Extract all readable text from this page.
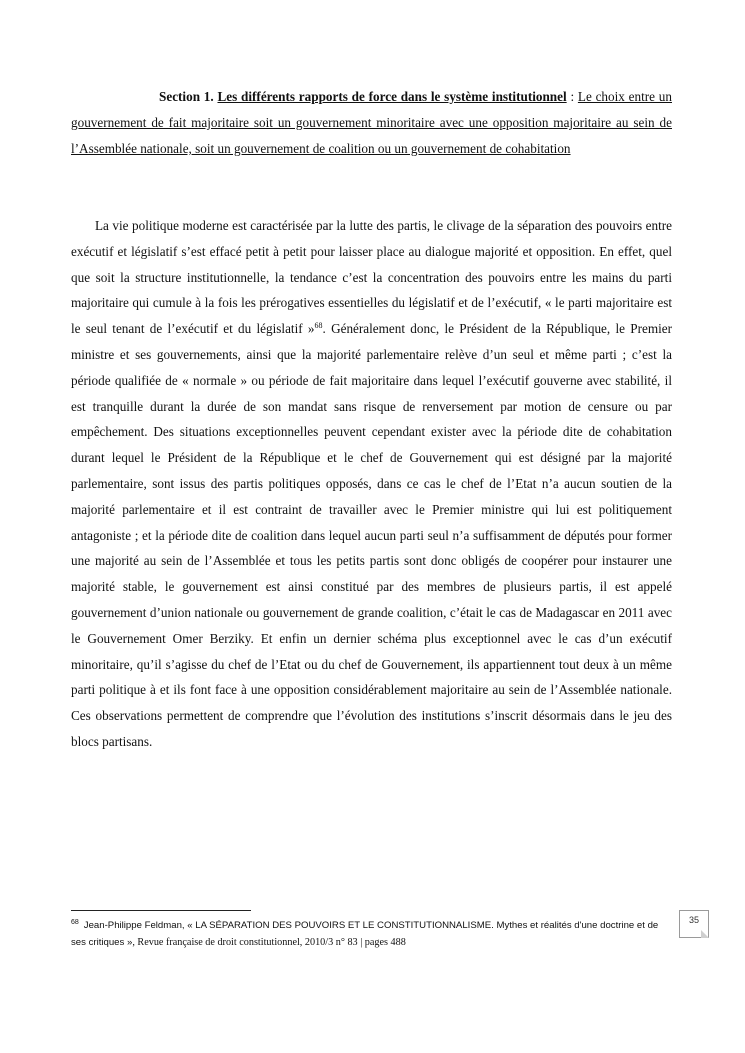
Section 1. Les différents rapports de force dans le système institutionnel : Le choix entre un gouvernement de fait majoritaire soit un gouvernement minoritaire avec une opposition majoritaire au sein de l’Assemblée nationale, soit un gouvernement de coalition ou un gouvernement de cohabitation
La vie politique moderne est caractérisée par la lutte des partis, le clivage de la séparation des pouvoirs entre exécutif et législatif s’est effacé petit à petit pour laisser place au dialogue majorité et opposition. En effet, quel que soit la structure institutionnelle, la tendance c’est la concentration des pouvoirs entre les mains du parti majoritaire qui cumule à la fois les prérogatives essentielles du législatif et de l’exécutif, « le parti majoritaire est le seul tenant de l’exécutif et du législatif »$^{68}$. Généralement donc, le Président de la République, le Premier ministre et ses gouvernements, ainsi que la majorité parlementaire relève d’un seul et même parti ; c’est la période qualifiée de « normale » ou période de fait majoritaire dans lequel l’exécutif gouverne avec stabilité, il est tranquille durant la durée de son mandat sans risque de renversement par motion de censure ou par empêchement. Des situations exceptionnelles peuvent cependant exister avec la période dite de cohabitation durant lequel le Président de la République et le chef de Gouvernement qui est désigné par la majorité parlementaire, sont issus des partis politiques opposés, dans ce cas le chef de l’Etat n’a aucun soutien de la majorité parlementaire et il est contraint de travailler avec le Premier ministre qui lui est politiquement antagoniste ; et la période dite de coalition dans lequel aucun parti seul n’a suffisamment de députés pour former une majorité au sein de l’Assemblée et tous les petits partis sont donc obligés de coopérer pour instaurer une majorité stable, le gouvernement est ainsi constitué par des membres de plusieurs partis, il est appelé gouvernement d’union nationale ou gouvernement de grande coalition, c’était le cas de Madagascar en 2011 avec le Gouvernement Omer Berziky. Et enfin un dernier schéma plus exceptionnel avec le cas d’un exécutif minoritaire, qu’il s’agisse du chef de l’Etat ou du chef de Gouvernement, ils appartiennent tout deux à un même parti politique à et ils font face à une opposition considérablement majoritaire au sein de l’Assemblée nationale. Ces observations permettent de comprendre que l’évolution des institutions s’inscrit désormais dans le jeu des blocs partisans.
$^{68}$ Jean-Philippe Feldman, « LA SÉPARATION DES POUVOIRS ET LE CONSTITUTIONNALISME. Mythes et réalités d'une doctrine et de ses critiques », Revue française de droit constitutionnel, 2010/3 n° 83 | pages 488
35
